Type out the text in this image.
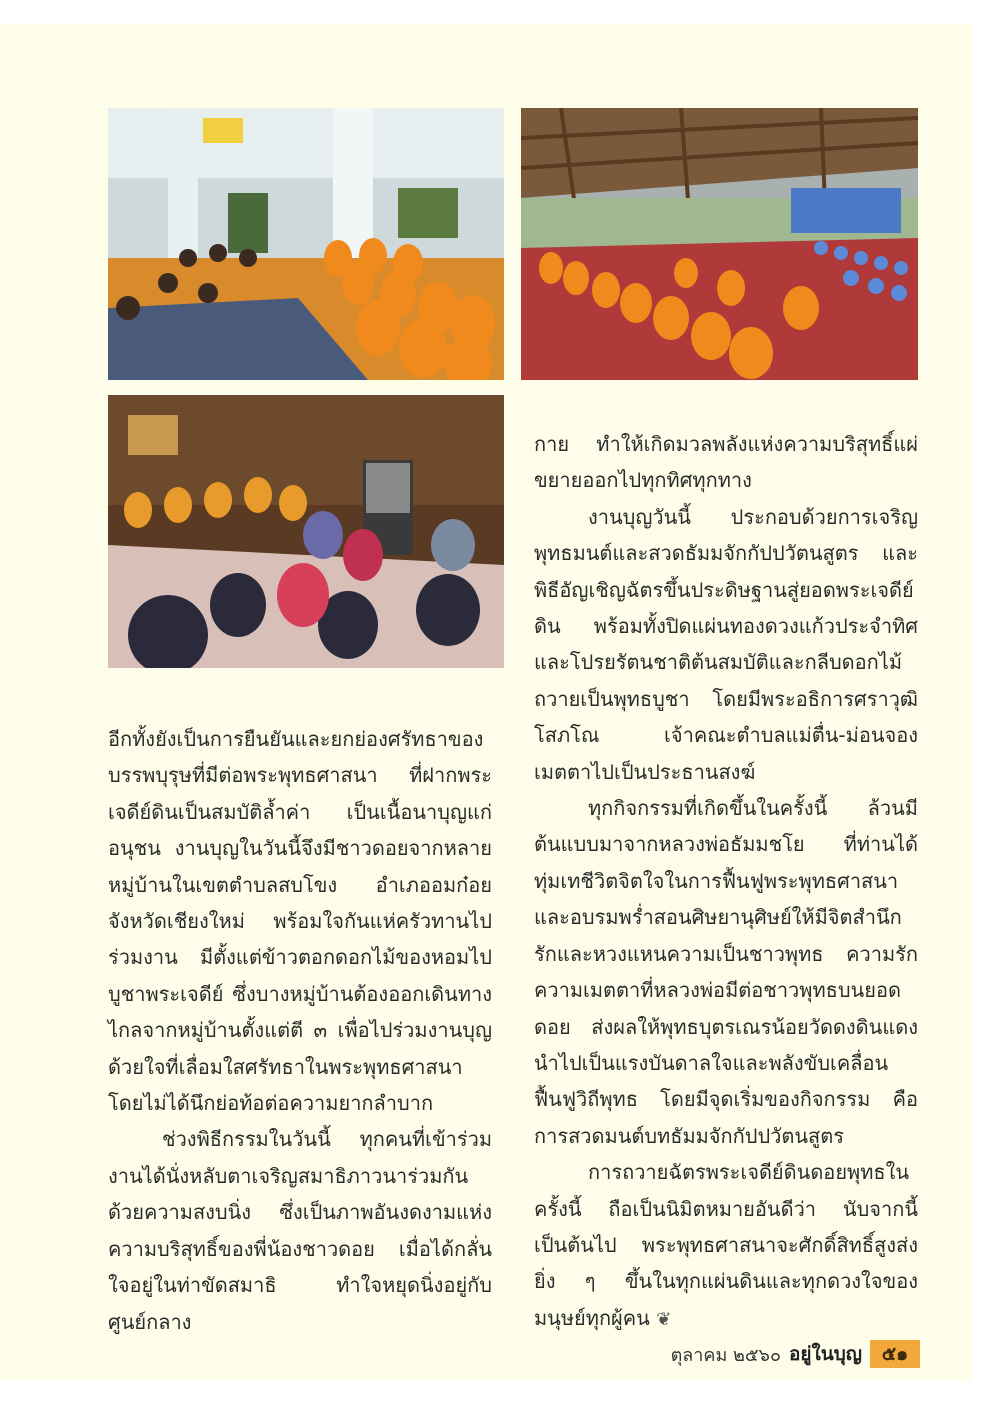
อีกทั้งยังเป็นการยืนยันและยกย่องศรัทธาของบรรพบุรุษที่มีต่อพระพุทธศาสนา ที่ฝากพระเจดีย์ดินเป็นสมบัติล้ำค่า เป็นเนื้อนาบุญแก่อนุชน งานบุญในวันนี้จึงมีชาวดอยจากหลายหมู่บ้านในเขตตำบลสบโขง อำเภออมก๋อย จังหวัดเชียงใหม่ พร้อมใจกันแห่ครัวทานไปร่วมงาน มีตั้งแต่ข้าวตอกดอกไม้ของหอมไปบูชาพระเจดีย์ ซึ่งบางหมู่บ้านต้องออกเดินทางไกลจากหมู่บ้านตั้งแต่ตี ๓ เพื่อไปร่วมงานบุญด้วยใจที่เลื่อมใสศรัทธาในพระพุทธศาสนา โดยไม่ได้นึกย่อท้อต่อความยากลำบาก

ช่วงพิธีกรรมในวันนี้ ทุกคนที่เข้าร่วมงานได้นั่งหลับตาเจริญสมาธิภาวนาร่วมกันด้วยความสงบนิ่ง ซึ่งเป็นภาพอันงดงามแห่งความบริสุทธิ์ของพี่น้องชาวดอย เมื่อได้กลั่นใจอยู่ในท่าขัดสมาธิ ทำใจหยุดนิ่งอยู่กับศูนย์กลาง

กาย ทำให้เกิดมวลพลังแห่งความบริสุทธิ์แผ่ขยายออกไปทุกทิศทุกทาง

งานบุญวันนี้ ประกอบด้วยการเจริญพุทธมนต์และสวดธัมมจักกัปปวัตนสูตร และพิธีอัญเชิญฉัตรขึ้นประดิษฐานสู่ยอดพระเจดีย์ดิน พร้อมทั้งปิดแผ่นทองดวงแก้วประจำทิศและโปรยรัตนชาติต้นสมบัติและกลีบดอกไม้ถวายเป็นพุทธบูชา โดยมีพระอธิการศราวุฒิ โสภโณ เจ้าคณะตำบลแม่ตื่น-ม่อนจอง เมตตาไปเป็นประธานสงฆ์

ทุกกิจกรรมที่เกิดขึ้นในครั้งนี้ ล้วนมีต้นแบบมาจากหลวงพ่อธัมมชโย ที่ท่านได้ทุ่มเทชีวิตจิตใจในการฟื้นฟูพระพุทธศาสนาและอบรมพร่ำสอนศิษยานุศิษย์ให้มีจิตสำนึกรักและหวงแหนความเป็นชาวพุทธ ความรักความเมตตาที่หลวงพ่อมีต่อชาวพุทธบนยอดดอย ส่งผลให้พุทธบุตรเณรน้อยวัดดงดินแดงนำไปเป็นแรงบันดาลใจและพลังขับเคลื่อนฟื้นฟูวิถีพุทธ โดยมีจุดเริ่มของกิจกรรม คือการสวดมนต์บทธัมมจักกัปปวัตนสูตร

การถวายฉัตรพระเจดีย์ดินดอยพุทธในครั้งนี้ ถือเป็นนิมิตหมายอันดีว่า นับจากนี้เป็นต้นไป พระพุทธศาสนาจะศักดิ์สิทธิ์สูงส่งยิ่ง ๆ ขึ้นในทุกแผ่นดินและทุกดวงใจของมนุษย์ทุกผู้คน ❦

ตุลาคม ๒๕๖๐ อยู่ในบุญ	๕๑
